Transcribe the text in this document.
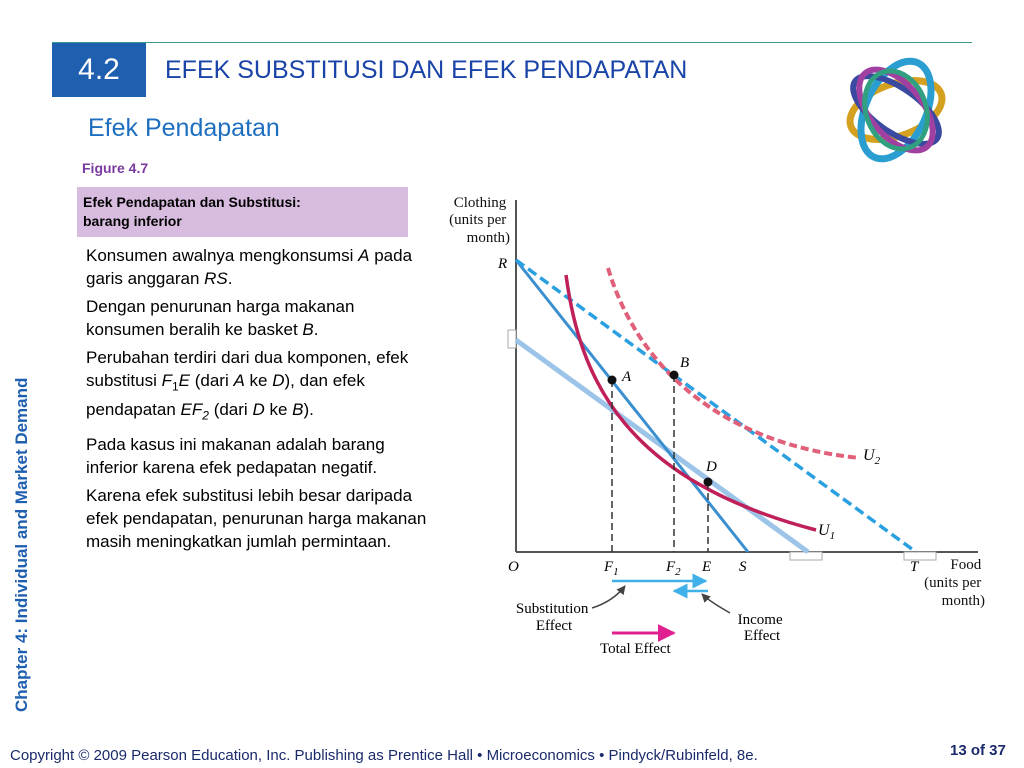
4.2 EFEK SUBSTITUSI DAN EFEK PENDAPATAN
Efek Pendapatan
Figure 4.7
Efek Pendapatan dan Substitusi:
barang inferior

Konsumen awalnya mengkonsumsi A pada garis anggaran RS.

Dengan penurunan harga makanan konsumen beralih ke basket B.

Perubahan terdiri dari dua komponen, efek substitusi $F_1E$ (dari A ke D), dan efek pendapatan $EF_2$ (dari D ke B).

Pada kasus ini makanan adalah barang inferior karena efek pedapatan negatif.

Karena efek substitusi lebih besar daripada efek pendapatan, penurunan harga makanan masih meningkatkan jumlah permintaan.

Chapter 4: Individual and Market Demand
A
B
D
R
$U_2$
$U_1$
Clothing (units per month)
O	$F_1$	$F_2$ E S	T	Food (units per month)
Substitution Effect	Income Effect
Total Effect
Copyright © 2009 Pearson Education, Inc. Publishing as Prentice Hall • Microeconomics • Pindyck/Rubinfeld, 8e.	13 of 37
